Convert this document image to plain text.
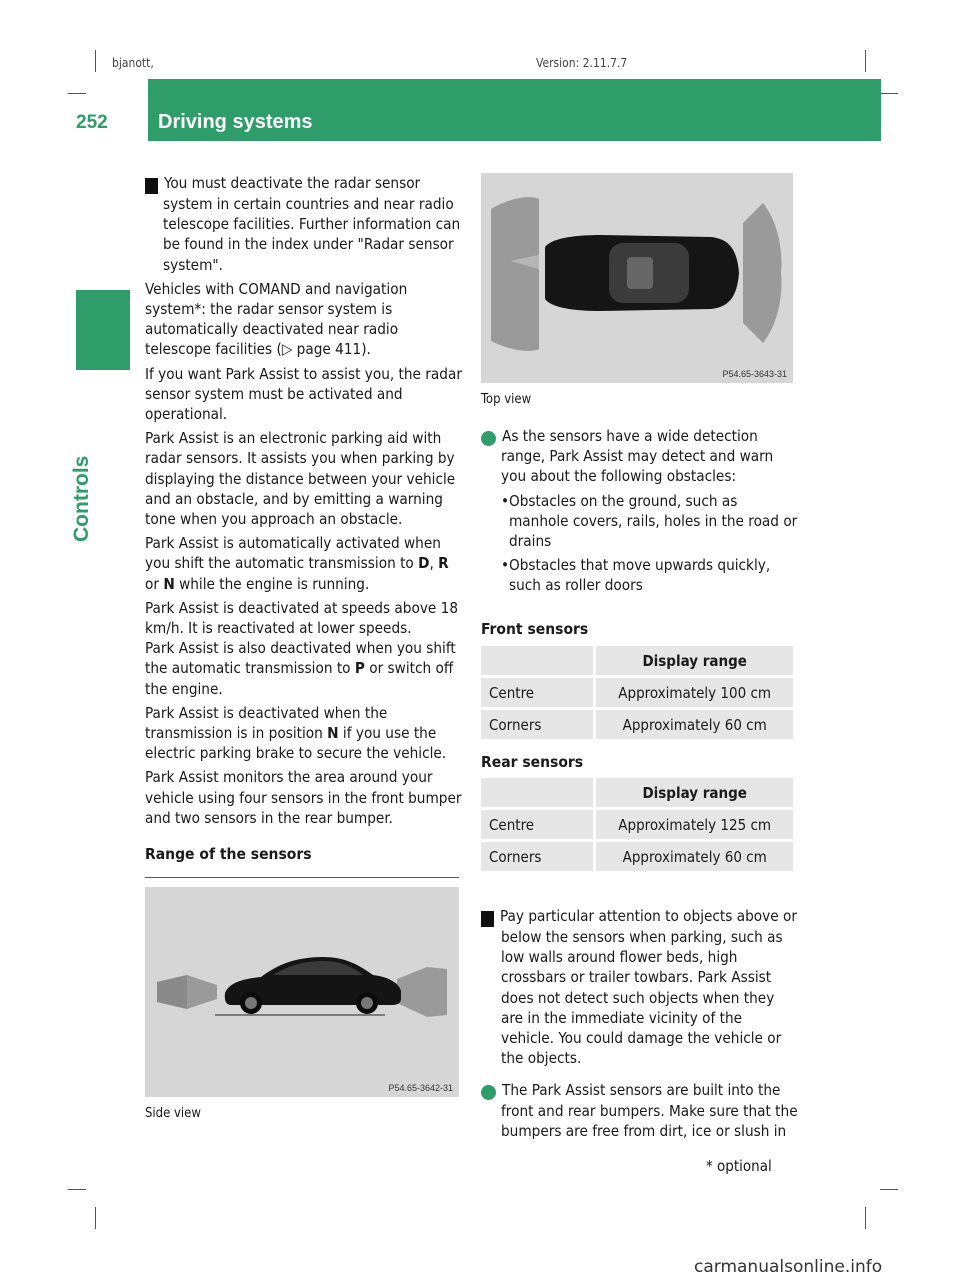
bjanott,	Version: 2.11.7.7
252	Driving systems
Controls

! You must deactivate the radar sensor system in certain countries and near radio telescope facilities. Further information can be found in the index under "Radar sensor system".

Vehicles with COMAND and navigation system*: the radar sensor system is automatically deactivated near radio telescope facilities (▷ page 411).

If you want Park Assist to assist you, the radar sensor system must be activated and operational.

Park Assist is an electronic parking aid with radar sensors. It assists you when parking by displaying the distance between your vehicle and an obstacle, and by emitting a warning tone when you approach an obstacle.

Park Assist is automatically activated when you shift the automatic transmission to D, R or N while the engine is running.

Park Assist is deactivated at speeds above 18 km/h. It is reactivated at lower speeds.

Park Assist is also deactivated when you shift the automatic transmission to P or switch off the engine.

Park Assist is deactivated when the transmission is in position N if you use the electric parking brake to secure the vehicle.

Park Assist monitors the area around your vehicle using four sensors in the front bumper and two sensors in the rear bumper.

Range of the sensors

P54.65-3642-31
Side view
P54.65-3643-31
Top view

i As the sensors have a wide detection range, Park Assist may detect and warn you about the following obstacles:

• Obstacles on the ground, such as manhole covers, rails, holes in the road or drains
• Obstacles that move upwards quickly, such as roller doors
Front sensors
		Display range
Centre		Approximately 100 cm
Corners		Approximately 60 cm
Rear sensors
		Display range
Centre		Approximately 125 cm
Corners		Approximately 60 cm

! Pay particular attention to objects above or below the sensors when parking, such as low walls around flower beds, high crossbars or trailer towbars. Park Assist does not detect such objects when they are in the immediate vicinity of the vehicle. You could damage the vehicle or the objects.

i The Park Assist sensors are built into the front and rear bumpers. Make sure that the bumpers are free from dirt, ice or slush in

* optional
carmanualsonline.info
